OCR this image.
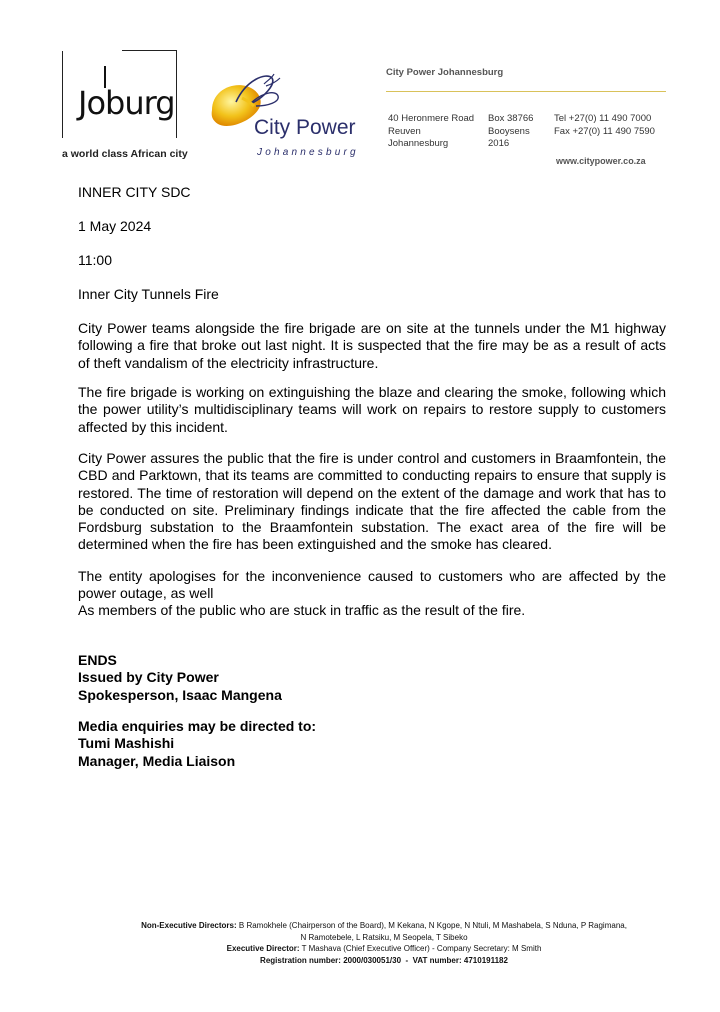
Joburg
a world class African city
City Power
Johannesburg
City Power Johannesburg
40 Heronmere Road
Reuven
Johannesburg
Box 38766
Booysens
2016
Tel +27(0) 11 490 7000
Fax +27(0) 11 490 7590
www.citypower.co.za
INNER CITY SDC
1 May 2024
11:00
Inner City Tunnels Fire
City Power teams alongside the fire brigade are on site at the tunnels under the M1 highway following a fire that broke out last night. It is suspected that the fire may be as a result of acts of theft vandalism of the electricity infrastructure.
The fire brigade is working on extinguishing the blaze and clearing the smoke, following which the power utility’s multidisciplinary teams will work on repairs to restore supply to customers affected by this incident.
City Power assures the public that the fire is under control and customers in Braamfontein, the CBD and Parktown, that its teams are committed to conducting repairs to ensure that supply is restored. The time of restoration will depend on the extent of the damage and work that has to be conducted on site. Preliminary findings indicate that the fire affected the cable from the Fordsburg substation to the Braamfontein substation. The exact area of the fire will be determined when the fire has been extinguished and the smoke has cleared.
The entity apologises for the inconvenience caused to customers who are affected by the power outage, as well
As members of the public who are stuck in traffic as the result of the fire.
ENDS
Issued by City Power
Spokesperson, Isaac Mangena
Media enquiries may be directed to:
Tumi Mashishi
Manager, Media Liaison
Non-Executive Directors: B Ramokhele (Chairperson of the Board), M Kekana, N Kgope, N Ntuli, M Mashabela, S Nduna, P Ragimana,
N Ramotebele, L Ratsiku, M Seopela, T Sibeko
Executive Director: T Mashava (Chief Executive Officer) - Company Secretary: M Smith
Registration number: 2000/030051/30  -  VAT number: 4710191182
